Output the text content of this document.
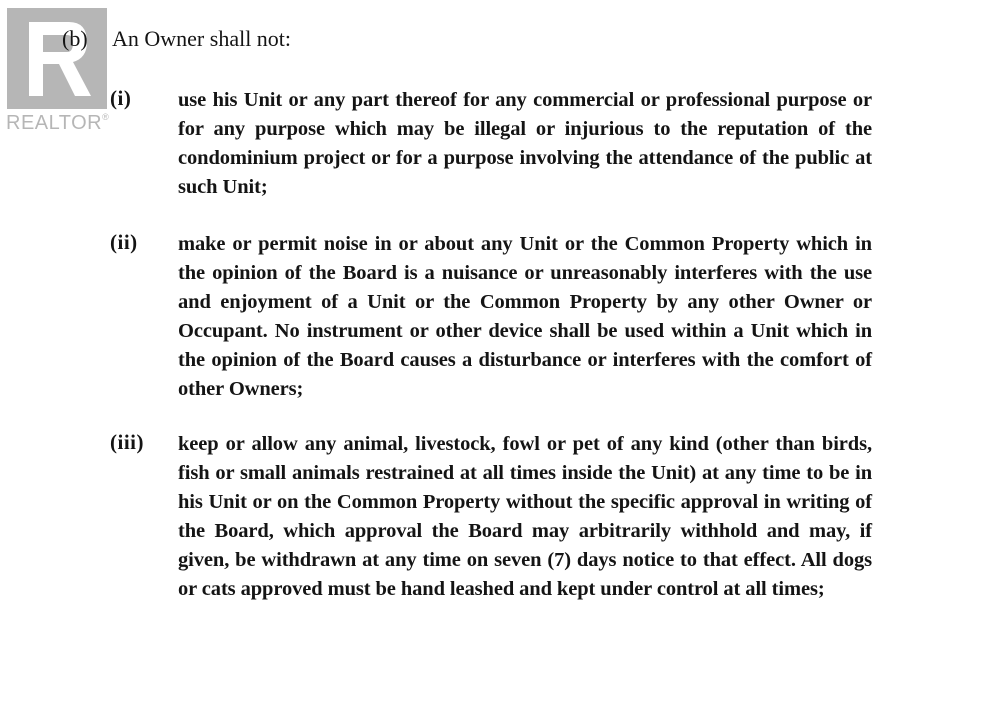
REALTOR®
(b) An Owner shall not:
(i) use his Unit or any part thereof for any commercial or professional purpose or for any purpose which may be illegal or injurious to the reputation of the condominium project or for a purpose involving the attendance of the public at such Unit;
(ii) make or permit noise in or about any Unit or the Common Property which in the opinion of the Board is a nuisance or unreasonably interferes with the use and enjoyment of a Unit or the Common Property by any other Owner or Occupant. No instrument or other device shall be used within a Unit which in the opinion of the Board causes a disturbance or interferes with the comfort of other Owners;
(iii) keep or allow any animal, livestock, fowl or pet of any kind (other than birds, fish or small animals restrained at all times inside the Unit) at any time to be in his Unit or on the Common Property without the specific approval in writing of the Board, which approval the Board may arbitrarily withhold and may, if given, be withdrawn at any time on seven (7) days notice to that effect. All dogs or cats approved must be hand leashed and kept under control at all times;
